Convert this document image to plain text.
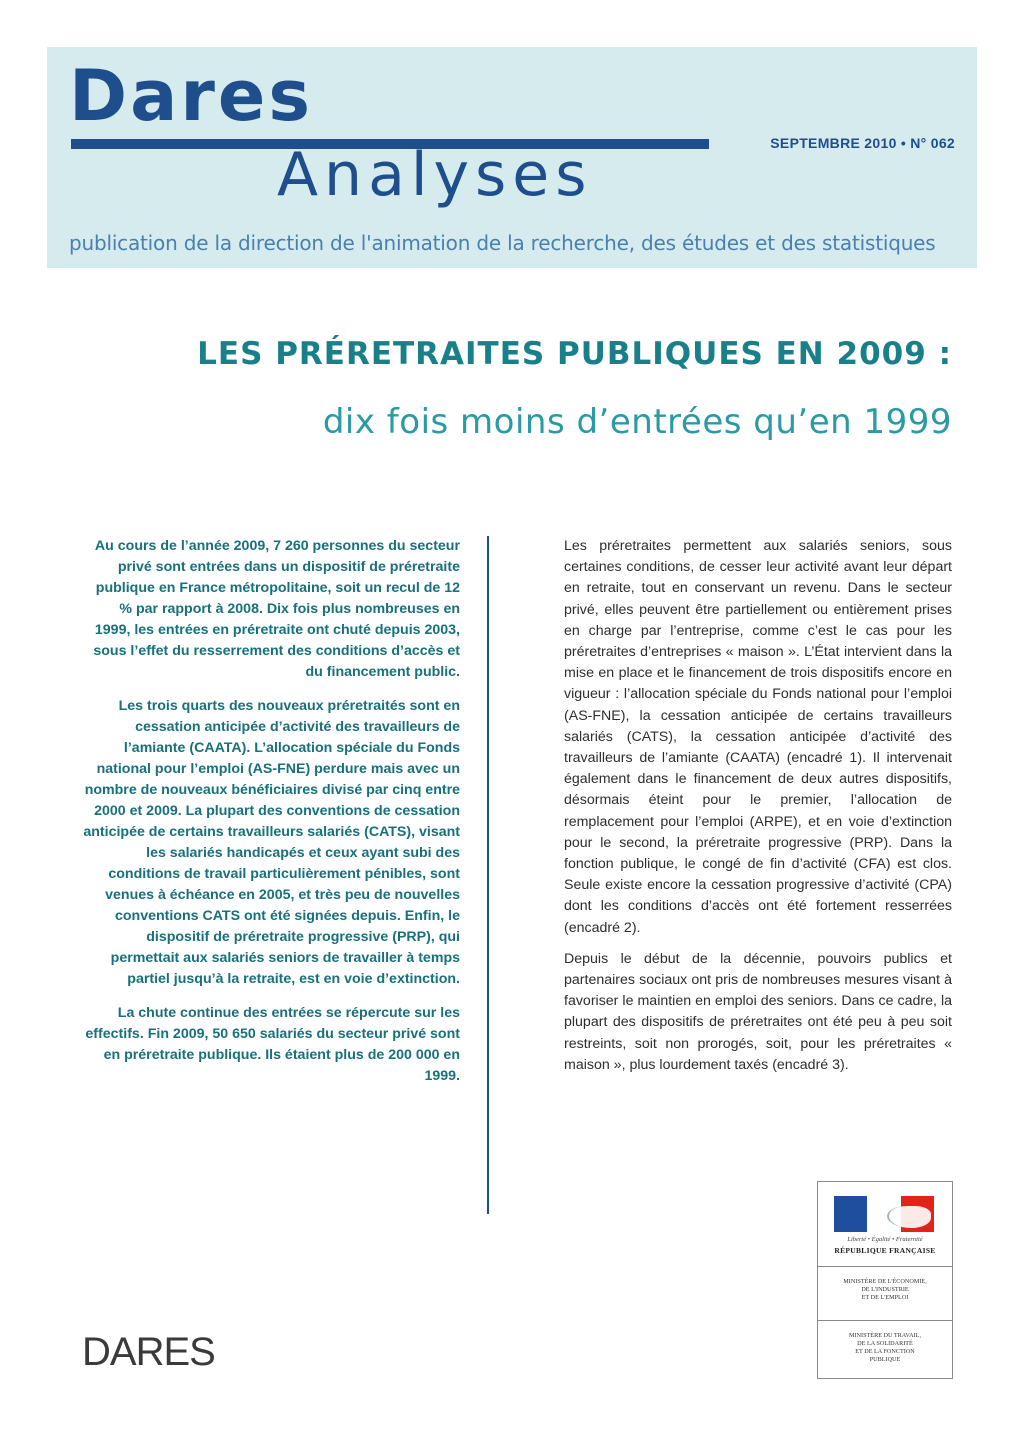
Dares
Analyses	SEPTEMBRE 2010 • N° 062
publication de la direction de l'animation de la recherche, des études et des statistiques
LES PRÉRETRAITES PUBLIQUES EN 2009 :
dix fois moins d’entrées qu’en 1999

Au cours de l’année 2009, 7 260 personnes du secteur privé sont entrées dans un dispositif de préretraite publique en France métropolitaine, soit un recul de 12 % par rapport à 2008. Dix fois plus nombreuses en 1999, les entrées en préretraite ont chuté depuis 2003, sous l’effet du resserrement des conditions d’accès et du financement public.

Les trois quarts des nouveaux préretraités sont en cessation anticipée d’activité des travailleurs de l’amiante (CAATA). L’allocation spéciale du Fonds national pour l’emploi (AS-FNE) perdure mais avec un nombre de nouveaux bénéficiaires divisé par cinq entre 2000 et 2009. La plupart des conventions de cessation anticipée de certains travailleurs salariés (CATS), visant les salariés handicapés et ceux ayant subi des conditions de travail particulièrement pénibles, sont venues à échéance en 2005, et très peu de nouvelles conventions CATS ont été signées depuis. Enfin, le dispositif de préretraite progressive (PRP), qui permettait aux salariés seniors de travailler à temps partiel jusqu’à la retraite, est en voie d’extinction.

La chute continue des entrées se répercute sur les effectifs. Fin 2009, 50 650 salariés du secteur privé sont en préretraite publique. Ils étaient plus de 200 000 en 1999.

Les préretraites permettent aux salariés seniors, sous certaines conditions, de cesser leur activité avant leur départ en retraite, tout en conservant un revenu. Dans le secteur privé, elles peuvent être partiellement ou entièrement prises en charge par l’entreprise, comme c’est le cas pour les préretraites d’entreprises « maison ». L’État intervient dans la mise en place et le financement de trois dispositifs encore en vigueur : l’allocation spéciale du Fonds national pour l’emploi (AS-FNE), la cessation anticipée de certains travailleurs salariés (CATS), la cessation anticipée d’activité des travailleurs de l’amiante (CAATA) (encadré 1). Il intervenait également dans le financement de deux autres dispositifs, désormais éteint pour le premier, l’allocation de remplacement pour l’emploi (ARPE), et en voie d’extinction pour le second, la préretraite progressive (PRP). Dans la fonction publique, le congé de fin d’activité (CFA) est clos. Seule existe encore la cessation progressive d’activité (CPA) dont les conditions d’accès ont été fortement resserrées (encadré 2).

Depuis le début de la décennie, pouvoirs publics et partenaires sociaux ont pris de nombreuses mesures visant à favoriser le maintien en emploi des seniors. Dans ce cadre, la plupart des dispositifs de préretraites ont été peu à peu soit restreints, soit non prorogés, soit, pour les préretraites « maison », plus lourdement taxés (encadré 3).

DARES
Liberté • Égalité • Fraternité
RÉPUBLIQUE FRANÇAISE
MINISTÈRE DE L'ÉCONOMIE,
DE L'INDUSTRIE
ET DE L'EMPLOI
MINISTÈRE DU TRAVAIL,
DE LA SOLIDARITÉ
ET DE LA FONCTION
PUBLIQUE
